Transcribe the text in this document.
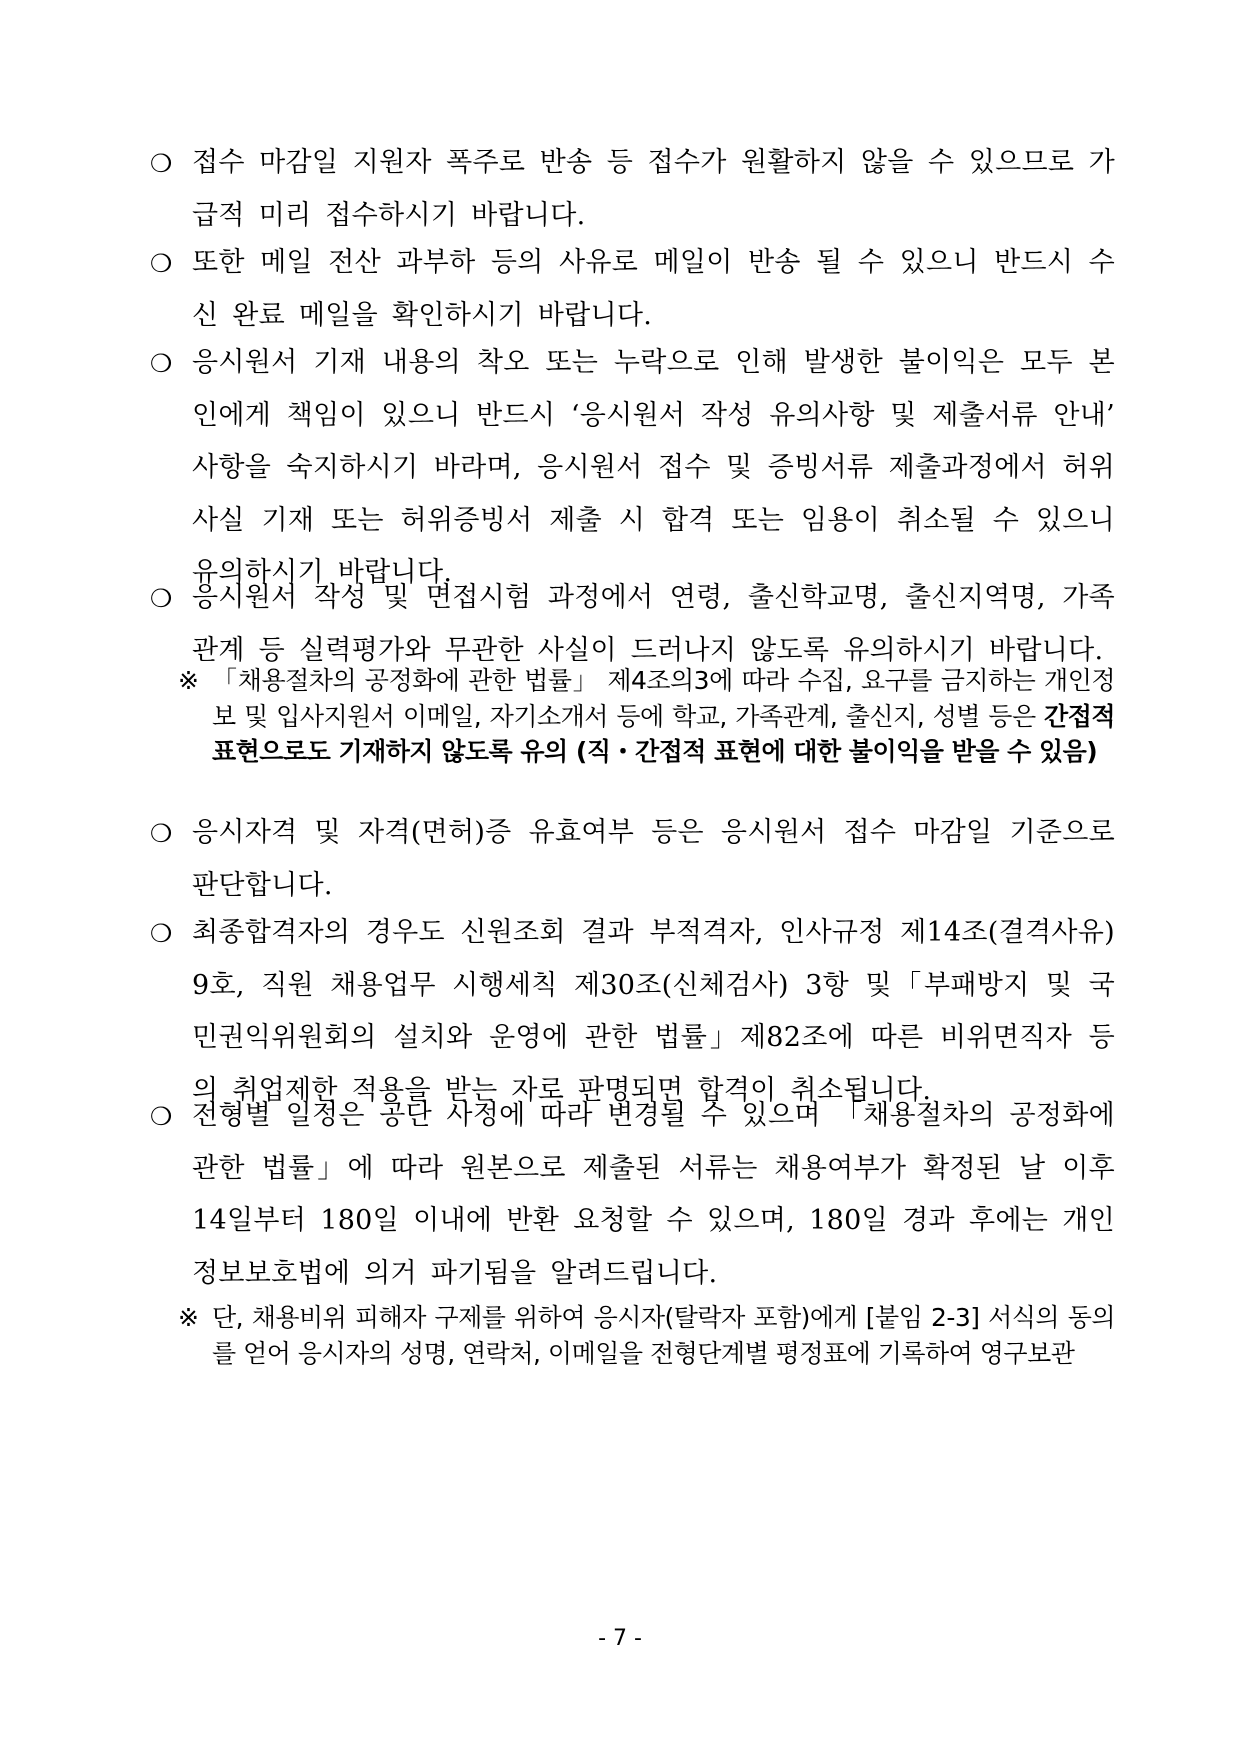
❍ 접수 마감일 지원자 폭주로 반송 등 접수가 원활하지 않을 수 있으므로 가급적 미리 접수하시기 바랍니다.
❍ 또한 메일 전산 과부하 등의 사유로 메일이 반송 될 수 있으니 반드시 수신 완료 메일을 확인하시기 바랍니다.
❍ 응시원서 기재 내용의 착오 또는 누락으로 인해 발생한 불이익은 모두 본인에게 책임이 있으니 반드시 ‘응시원서 작성 유의사항 및 제출서류 안내’ 사항을 숙지하시기 바라며, 응시원서 접수 및 증빙서류 제출과정에서 허위 사실 기재 또는 허위증빙서 제출 시 합격 또는 임용이 취소될 수 있으니 유의하시기 바랍니다.
❍ 응시원서 작성 및 면접시험 과정에서 연령, 출신학교명, 출신지역명, 가족관계 등 실력평가와 무관한 사실이 드러나지 않도록 유의하시기 바랍니다.
※ 「채용절차의 공정화에 관한 법률」 제4조의3에 따라 수집, 요구를 금지하는 개인정보 및 입사지원서 이메일, 자기소개서 등에 학교, 가족관계, 출신지, 성별 등은 간접적 표현으로도 기재하지 않도록 유의 (직・간접적 표현에 대한 불이익을 받을 수 있음)
❍ 응시자격 및 자격(면허)증 유효여부 등은 응시원서 접수 마감일 기준으로 판단합니다.
❍ 최종합격자의 경우도 신원조회 결과 부적격자, 인사규정 제14조(결격사유) 9호, 직원 채용업무 시행세칙 제30조(신체검사) 3항 및「부패방지 및 국민권익위원회의 설치와 운영에 관한 법률」제82조에 따른 비위면직자 등의 취업제한 적용을 받는 자로 판명되면 합격이 취소됩니다.
❍ 전형별 일정은 공단 사정에 따라 변경될 수 있으며 「채용절차의 공정화에 관한 법률」에 따라 원본으로 제출된 서류는 채용여부가 확정된 날 이후 14일부터 180일 이내에 반환 요청할 수 있으며, 180일 경과 후에는 개인정보보호법에 의거 파기됨을 알려드립니다.
※ 단, 채용비위 피해자 구제를 위하여 응시자(탈락자 포함)에게 [붙임 2-3] 서식의 동의를 얻어 응시자의 성명, 연락처, 이메일을 전형단계별 평정표에 기록하여 영구보관
- 7 -
